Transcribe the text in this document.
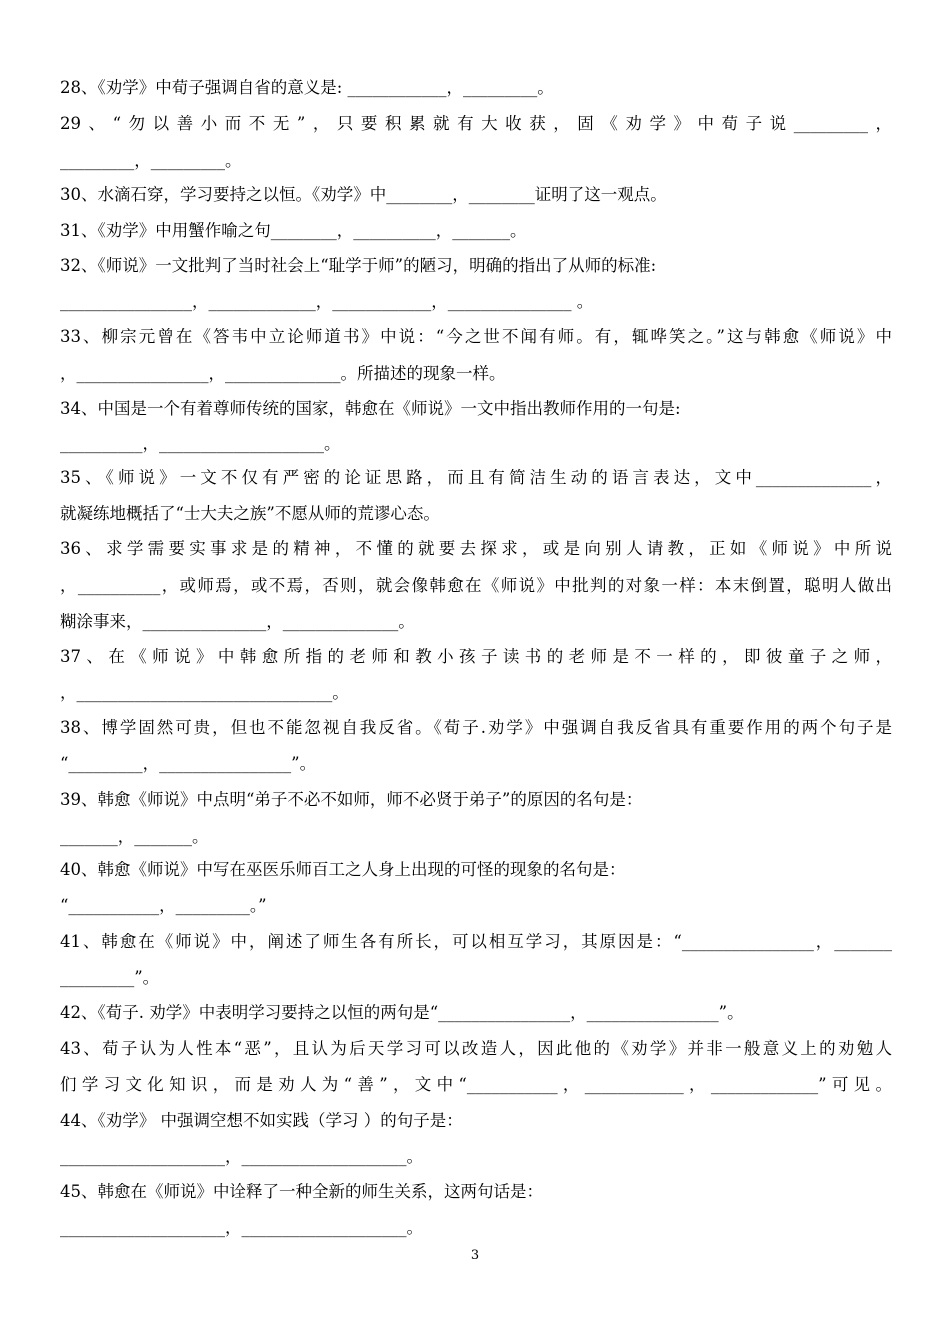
28、《劝学》中荀子强调自省的意义是: ____________，_________。
29、“勿以善小而不无”，只要积累就有大收获，固《劝学》中荀子说_________，
_________，_________。
30、水滴石穿，学习要持之以恒。《劝学》中________，________证明了这一观点。
31、《劝学》中用蟹作喻之句________，__________，_______。
32、《师说》一文批判了当时社会上“耻学于师”的陋习，明确的指出了从师的标准:
________________，_____________，____________，_______________ 。
33、柳宗元曾在《答韦中立论师道书》中说：“今之世不闻有师。有，辄哗笑之。”这与韩愈《师说》中
，________________，______________。所描述的现象一样。
34、中国是一个有着尊师传统的国家，韩愈在《师说》一文中指出教师作用的一句是:
__________，____________________。
35、《师说》一文不仅有严密的论证思路，而且有简洁生动的语言表达，文中______________，
就凝练地概括了“士大夫之族”不愿从师的荒谬心态。
36、求学需要实事求是的精神，不懂的就要去探求，或是向别人请教，正如《师说》中所说
，__________，或师焉，或不焉，否则，就会像韩愈在《师说》中批判的对象一样：本末倒置，聪明人做出
糊涂事来，_______________，______________。
37、在《师说》中韩愈所指的老师和教小孩子读书的老师是不一样的，即彼童子之师，
，_______________________________。
38、博学固然可贵，但也不能忽视自我反省。《荀子.劝学》中强调自我反省具有重要作用的两个句子是
“_________，________________”。
39、韩愈《师说》中点明“弟子不必不如师，师不必贤于弟子”的原因的名句是：
_______，_______。
40、韩愈《师说》中写在巫医乐师百工之人身上出现的可怪的现象的名句是：
“___________，_________。”
41、韩愈在《师说》中，阐述了师生各有所长，可以相互学习，其原因是：“________________，_______
_________”。
42、《荀子. 劝学》中表明学习要持之以恒的两句是“________________，________________”。
43、荀子认为人性本“恶”，且认为后天学习可以改造人，因此他的《劝学》并非一般意义上的劝勉人
们学习文化知识，而是劝人为“善”，文中“___________，____________，_____________”可见。
44、《劝学》 中强调空想不如实践（学习 ）的句子是：
____________________，____________________。
45、韩愈在《师说》中诠释了一种全新的师生关系，这两句话是：
____________________，____________________。
3
